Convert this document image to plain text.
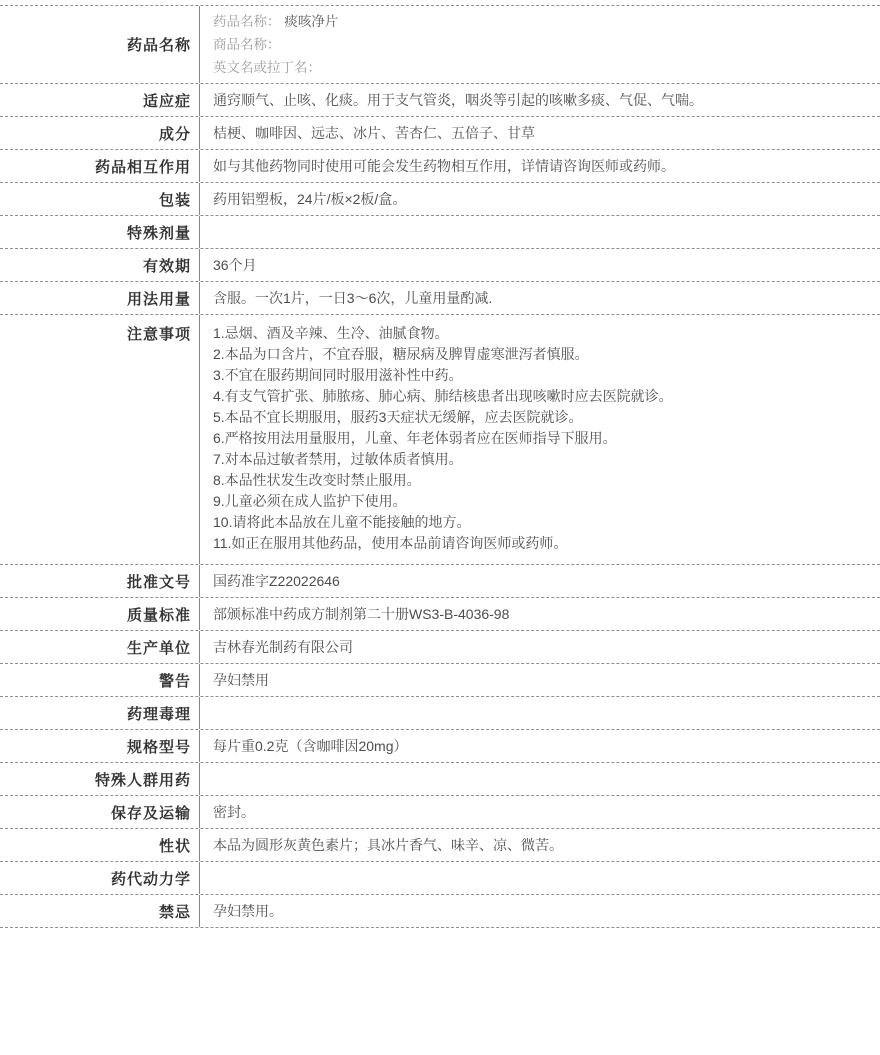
药品名称
药品名称： 痰咳净片
商品名称：
英文名或拉丁名：
适应症	通窍顺气、止咳、化痰。用于支气管炎，咽炎等引起的咳嗽多痰、气促、气喘。
成分	桔梗、咖啡因、远志、冰片、苦杏仁、五倍子、甘草
药品相互作用	如与其他药物同时使用可能会发生药物相互作用，详情请咨询医师或药师。
包装	药用铝塑板，24片/板×2板/盒。
特殊剂量
有效期	36个月
用法用量	含服。一次1片，一日3～6次，儿童用量酌减.
注意事项	1.忌烟、酒及辛辣、生冷、油腻食物。
2.本品为口含片，不宜吞服，糖尿病及脾胃虚寒泄泻者慎服。
3.不宜在服药期间同时服用滋补性中药。
4.有支气管扩张、肺脓疡、肺心病、肺结核患者出现咳嗽时应去医院就诊。
5.本品不宜长期服用，服药3天症状无缓解，应去医院就诊。
6.严格按用法用量服用，儿童、年老体弱者应在医师指导下服用。
7.对本品过敏者禁用，过敏体质者慎用。
8.本品性状发生改变时禁止服用。
9.儿童必须在成人监护下使用。
10.请将此本品放在儿童不能接触的地方。
11.如正在服用其他药品，使用本品前请咨询医师或药师。
批准文号	国药准字Z22022646
质量标准	部颁标准中药成方制剂第二十册WS3-B-4036-98
生产单位	吉林春光制药有限公司
警告	孕妇禁用
药理毒理
规格型号	每片重0.2克（含咖啡因20mg）
特殊人群用药
保存及运输	密封。
性状	本品为圆形灰黄色素片；具冰片香气、味辛、凉、微苦。
药代动力学
禁忌	孕妇禁用。
